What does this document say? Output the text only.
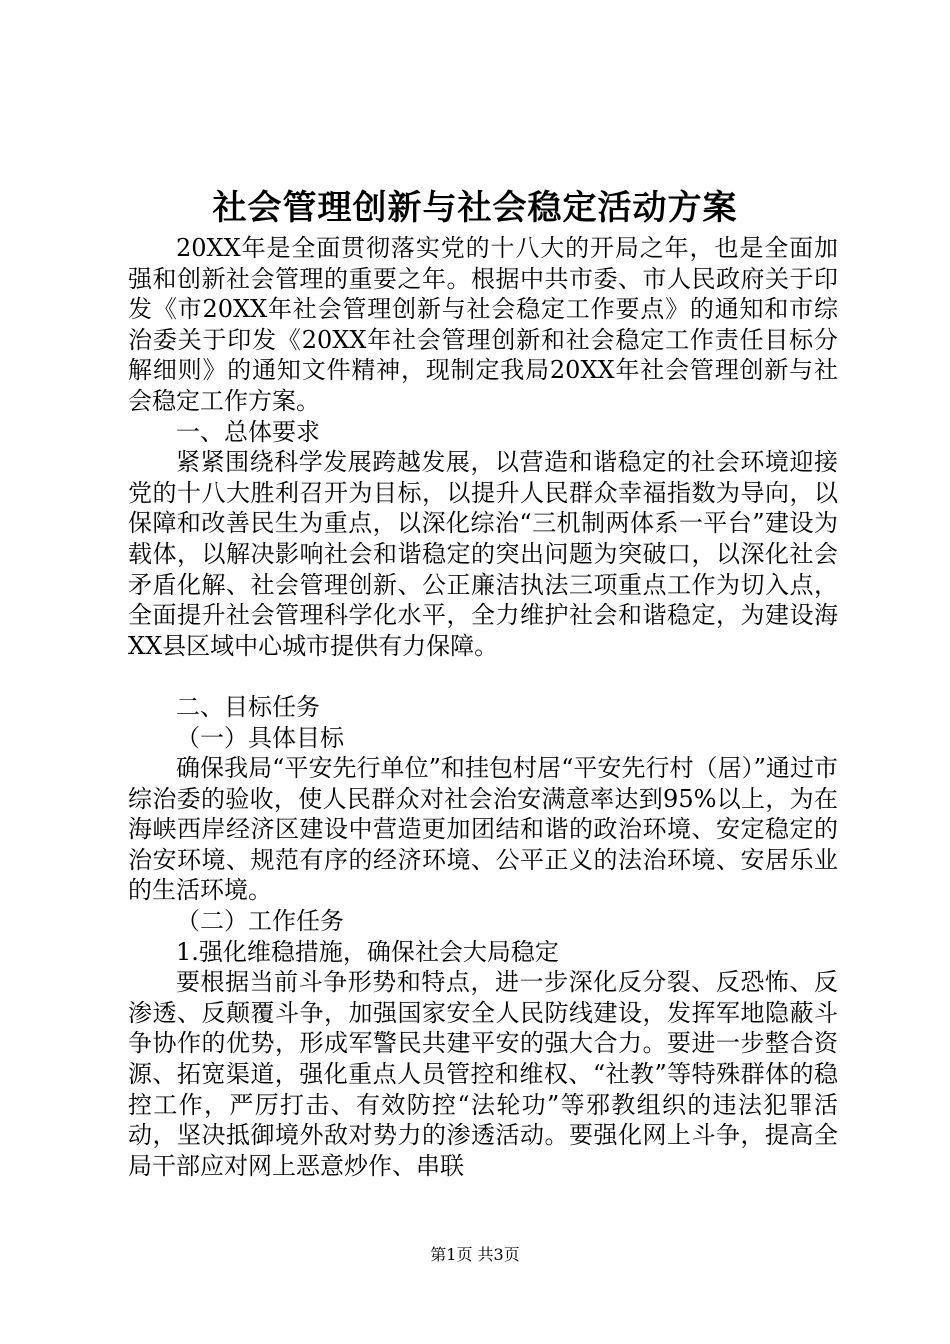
社会管理创新与社会稳定活动方案

20XX年是全面贯彻落实党的十八大的开局之年，也是全面加强和创新社会管理的重要之年。根据中共市委、市人民政府关于印发《市20XX年社会管理创新与社会稳定工作要点》的通知和市综治委关于印发《20XX年社会管理创新和社会稳定工作责任目标分解细则》的通知文件精神，现制定我局20XX年社会管理创新与社会稳定工作方案。

一、总体要求

紧紧围绕科学发展跨越发展，以营造和谐稳定的社会环境迎接党的十八大胜利召开为目标，以提升人民群众幸福指数为导向，以保障和改善民生为重点，以深化综治“三机制两体系一平台”建设为载体，以解决影响社会和谐稳定的突出问题为突破口，以深化社会矛盾化解、社会管理创新、公正廉洁执法三项重点工作为切入点，全面提升社会管理科学化水平，全力维护社会和谐稳定，为建设海XX县区域中心城市提供有力保障。

二、目标任务

（一）具体目标

确保我局“平安先行单位”和挂包村居“平安先行村（居）”通过市综治委的验收，使人民群众对社会治安满意率达到95%以上，为在海峡西岸经济区建设中营造更加团结和谐的政治环境、安定稳定的治安环境、规范有序的经济环境、公平正义的法治环境、安居乐业的生活环境。

（二）工作任务

1.强化维稳措施，确保社会大局稳定

要根据当前斗争形势和特点，进一步深化反分裂、反恐怖、反渗透、反颠覆斗争，加强国家安全人民防线建设，发挥军地隐蔽斗争协作的优势，形成军警民共建平安的强大合力。要进一步整合资源、拓宽渠道，强化重点人员管控和维权、“社教”等特殊群体的稳控工作，严厉打击、有效防控“法轮功”等邪教组织的违法犯罪活动，坚决抵御境外敌对势力的渗透活动。要强化网上斗争，提高全局干部应对网上恶意炒作、串联

第1页 共3页
